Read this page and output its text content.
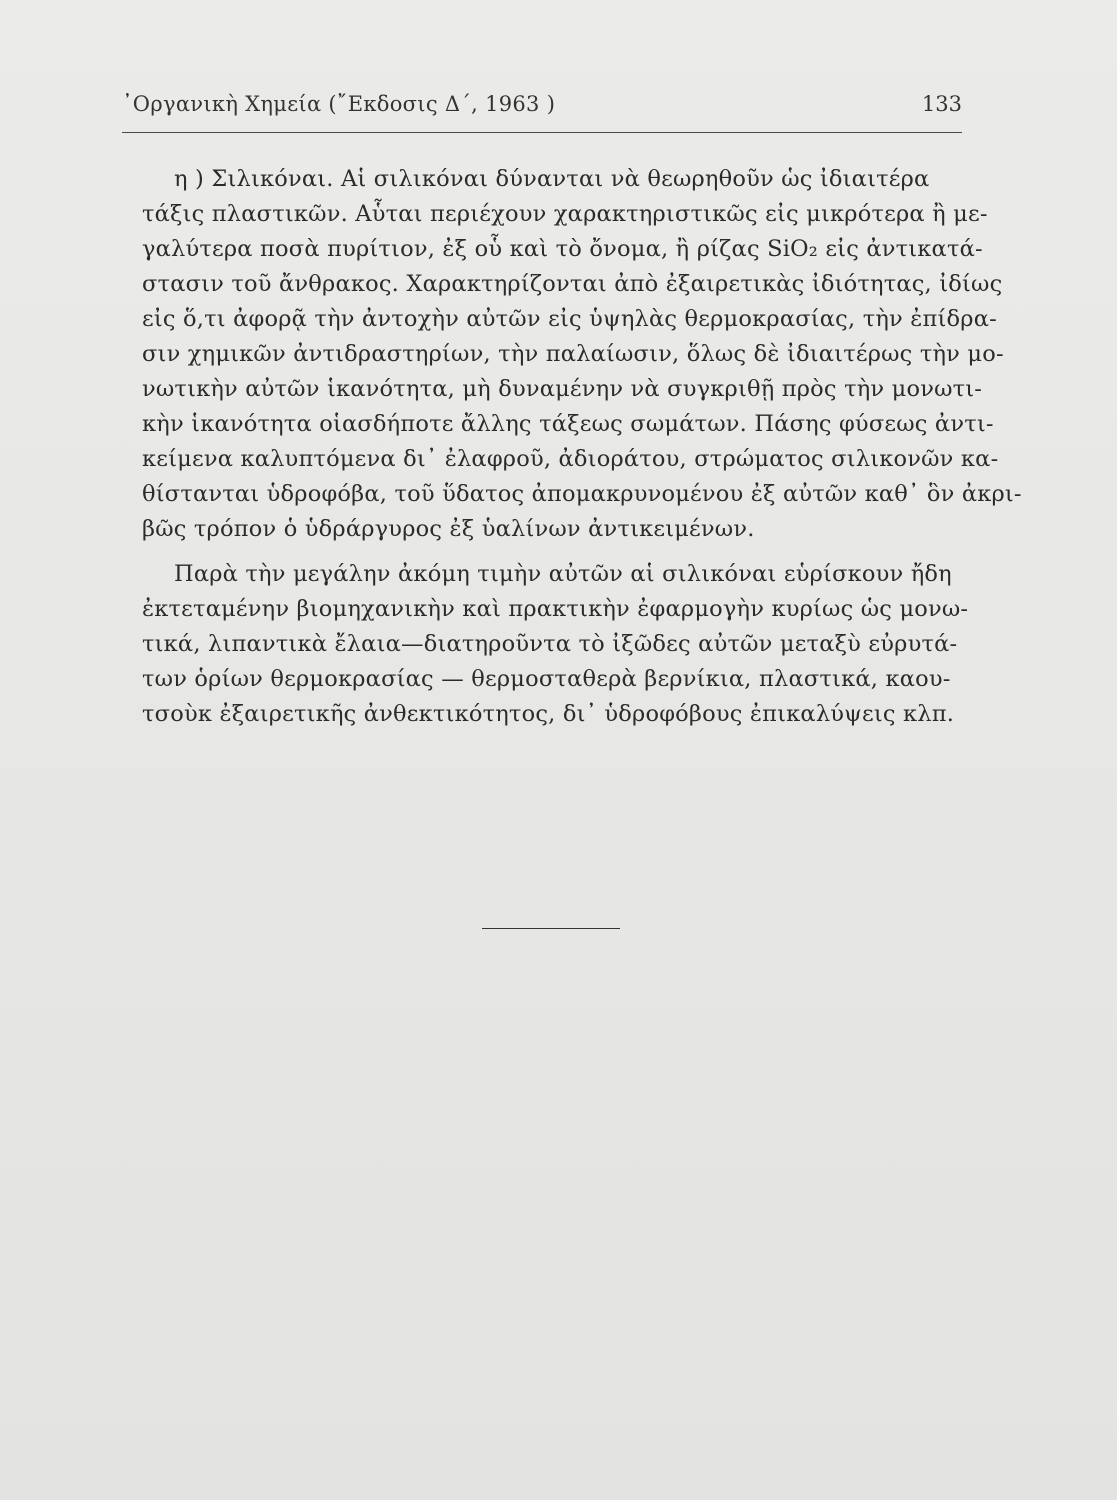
᾿Οργανικὴ Χημεία (῎Εκδοσις Δ΄, 1963 )	133
η ) Σιλικόναι. Αἱ σιλικόναι δύνανται νὰ θεωρηθοῦν ὡς ἰδιαιτέρα
τάξις πλαστικῶν. Αὗται περιέχουν χαρακτηριστικῶς εἰς μικρότερα ἢ με-
γαλύτερα ποσὰ πυρίτιον, ἐξ οὗ καὶ τὸ ὄνομα, ἢ ρίζας SiO₂ εἰς ἀντικατά-
στασιν τοῦ ἄνθρακος. Χαρακτηρίζονται ἀπὸ ἐξαιρετικὰς ἰδιότητας, ἰδίως
εἰς ὅ,τι ἀφορᾷ τὴν ἀντοχὴν αὐτῶν εἰς ὑψηλὰς θερμοκρασίας, τὴν ἐπίδρα-
σιν χημικῶν ἀντιδραστηρίων, τὴν παλαίωσιν, ὅλως δὲ ἰδιαιτέρως τὴν μο-
νωτικὴν αὐτῶν ἱκανότητα, μὴ δυναμένην νὰ συγκριθῇ πρὸς τὴν μονωτι-
κὴν ἱκανότητα οἱασδήποτε ἄλλης τάξεως σωμάτων. Πάσης φύσεως ἀντι-
κείμενα καλυπτόμενα δι᾿ ἐλαφροῦ, ἀδιοράτου, στρώματος σιλικονῶν κα-
θίστανται ὑδροφόβα, τοῦ ὕδατος ἀπομακρυνομένου ἐξ αὐτῶν καθ᾿ ὃν ἀκρι-
βῶς τρόπον ὁ ὑδράργυρος ἐξ ὑαλίνων ἀντικειμένων.
Παρὰ τὴν μεγάλην ἀκόμη τιμὴν αὐτῶν αἱ σιλικόναι εὑρίσκουν ἤδη
ἐκτεταμένην βιομηχανικὴν καὶ πρακτικὴν ἐφαρμογὴν κυρίως ὡς μονω-
τικά, λιπαντικὰ ἔλαια—διατηροῦντα τὸ ἰξῶδες αὐτῶν μεταξὺ εὐρυτά-
των ὁρίων θερμοκρασίας — θερμοσταθερὰ βερνίκια, πλαστικά, καου-
τσοὺκ ἐξαιρετικῆς ἀνθεκτικότητος, δι᾿ ὑδροφόβους ἐπικαλύψεις κλπ.
